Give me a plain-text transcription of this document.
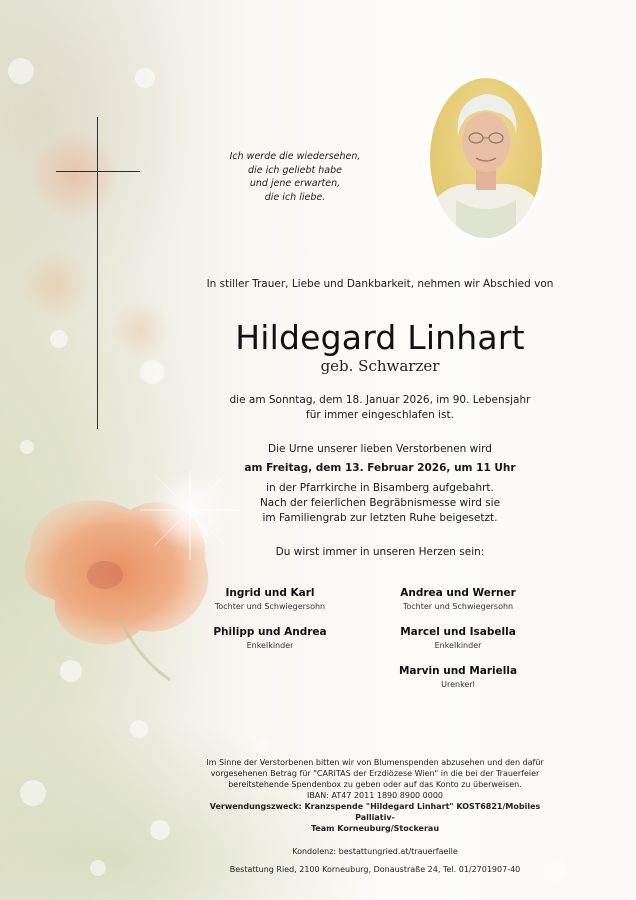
Ich werde die wiedersehen,
die ich geliebt habe
und jene erwarten,
die ich liebe.
In stiller Trauer, Liebe und Dankbarkeit, nehmen wir Abschied von
Hildegard Linhart
geb. Schwarzer
die am Sonntag, dem 18. Januar 2026, im 90. Lebensjahr
für immer eingeschlafen ist.
Die Urne unserer lieben Verstorbenen wird
am Freitag, dem 13. Februar 2026, um 11 Uhr
in der Pfarrkirche in Bisamberg aufgebahrt.
Nach der feierlichen Begräbnismesse wird sie
im Familiengrab zur letzten Ruhe beigesetzt.
Du wirst immer in unseren Herzen sein:
Ingrid und Karl
Tochter und Schwiegersohn
Andrea und Werner
Tochter und Schwiegersohn
Philipp und Andrea
Enkelkinder
Marcel und Isabella
Enkelkinder
Marvin und Mariella
Urenkerl
Im Sinne der Verstorbenen bitten wir von Blumenspenden abzusehen und den dafür
vorgesehenen Betrag für "CARITAS der Erzdiözese Wien" in die bei der Trauerfeier
bereitstehende Spendenbox zu geben oder auf das Konto zu überweisen.
IBAN: AT47 2011 1890 8900 0000
Verwendungszweck: Kranzspende "Hildegard Linhart" KOST6821/Mobiles Palliativ-
Team Korneuburg/Stockerau
Kondolenz: bestattungried.at/trauerfaelle
Bestattung Ried, 2100 Korneuburg, Donaustraße 24, Tel. 01/2701907-40
